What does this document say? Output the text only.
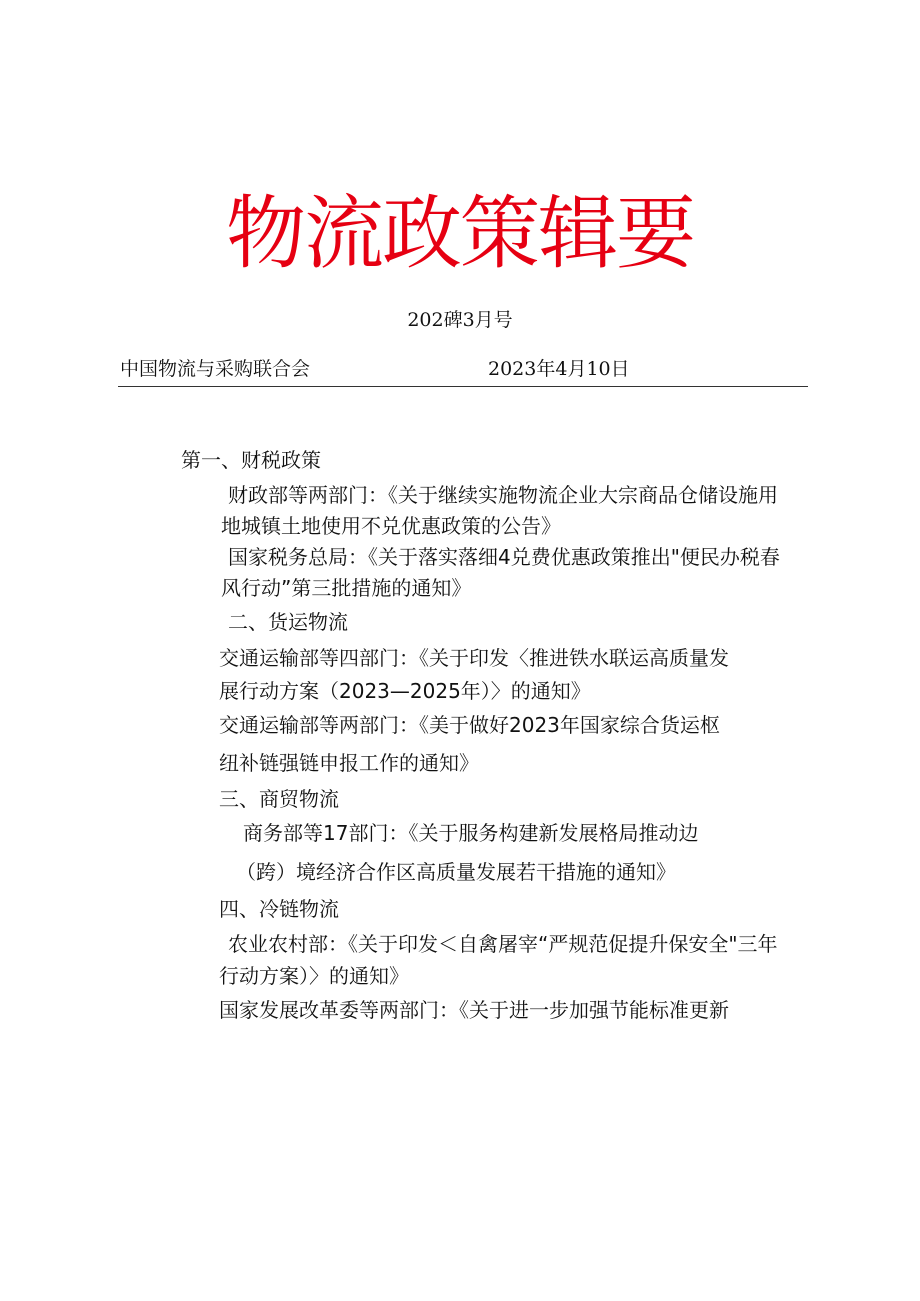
物流政策辑要
202碑3月号
中国物流与采购联合会	2023年4月10日
第一、财税政策
财政部等两部门：《关于继续实施物流企业大宗商品仓储设施用
地城镇土地使用不兑优惠政策的公告》
国家税务总局：《关于落实落细4兑费优惠政策推出"便民办税春
风行动”第三批措施的通知》
二、货运物流
交通运输部等四部门：《关于印发〈推进铁水联运高质量发
展行动方案（2023—2025年）〉的通知》
交通运输部等两部门：《美于做好2023年国家综合货运枢
纽补链强链申报工作的通知》
三、商贸物流
商务部等17部门：《关于服务构建新发展格局推动边
（跨）境经济合作区高质量发展若干措施的通知》
四、冷链物流
农业农村部：《关于印发＜自禽屠宰“严规范促提升保安全"三年
行动方案）〉的通知》
国家发展改革委等两部门：《关于进一步加强节能标准更新
